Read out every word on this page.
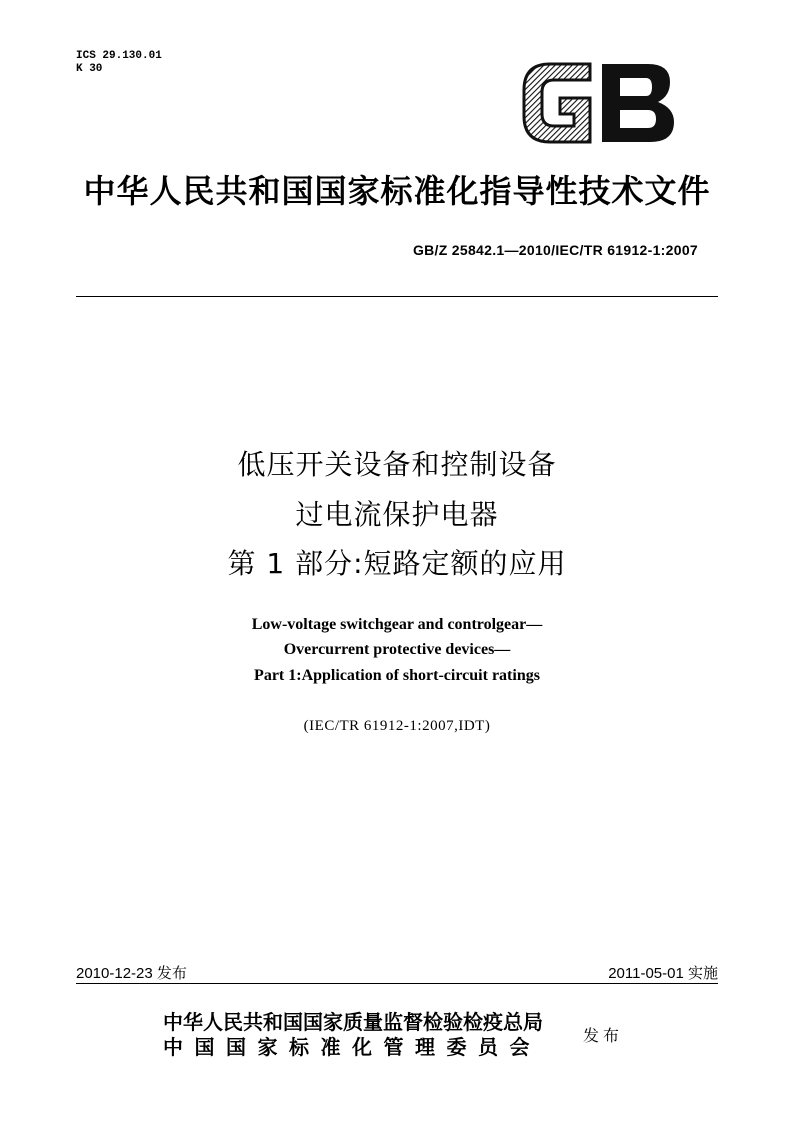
ICS 29.130.01
K 30
中华人民共和国国家标准化指导性技术文件
GB/Z 25842.1—2010/IEC/TR 61912-1:2007
低压开关设备和控制设备
过电流保护电器
第 1 部分:短路定额的应用
Low-voltage switchgear and controlgear—
Overcurrent protective devices—
Part 1:Application of short-circuit ratings
(IEC/TR 61912-1:2007,IDT)
2010-12-23 发布	2011-05-01 实施
中华人民共和国国家质量监督检验检疫总局
中国国家标准化管理委员会	发布
